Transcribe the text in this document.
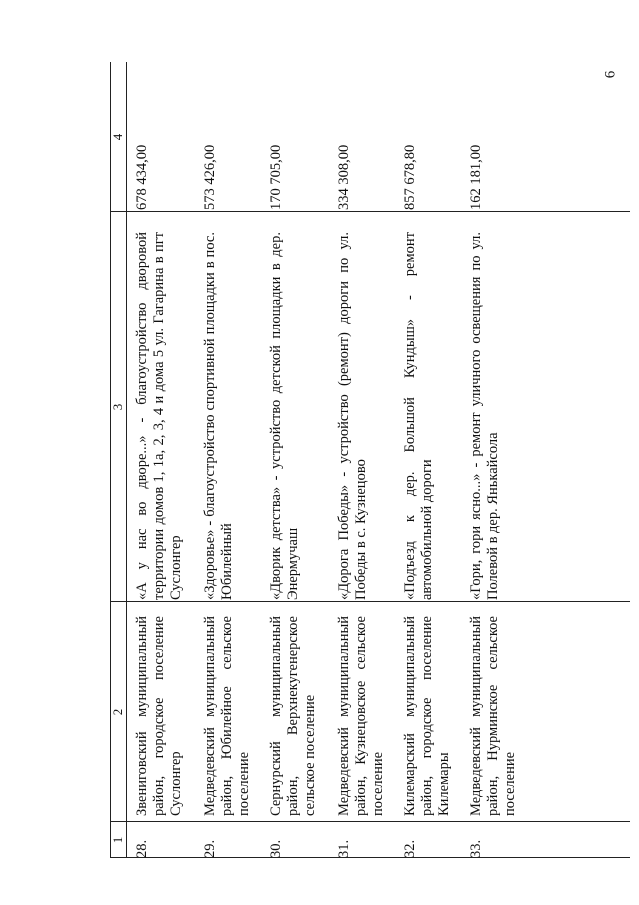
6
1
2
3
4
28.
Звениговский муниципальный район, городское поселение Суслонгер
«А у нас во дворе...» - благоустройство дворовой территории домов 1, 1а, 2, 3, 4 и дома 5 ул. Гагарина в пгт Суслонгер
678 434,00
29.
Медведевский муниципальный район, Юбилейное сельское поселение
«Здоровье» - благоустройство спортивной площадки в пос. Юбилейный
573 426,00
30.
Сернурский муниципальный район, Верхнекугенерское сельское поселение
«Дворик детства» - устройство детской площадки в дер. Энермучаш
170 705,00
31.
Медведевский муниципальный район, Кузнецовское сельское поселение
«Дорога Победы» - устройство (ремонт) дороги по ул. Победы в с. Кузнецово
334 308,00
32.
Килемарский муниципальный район, городское поселение Килемары
«Подъезд к дер. Большой Кундыш» - ремонт автомобильной дороги
857 678,80
33.
Медведевский муниципальный район, Нурминское сельское поселение
«Гори, гори ясно...» - ремонт уличного освещения по ул. Полевой в дер. Янькайсола
162 181,00
